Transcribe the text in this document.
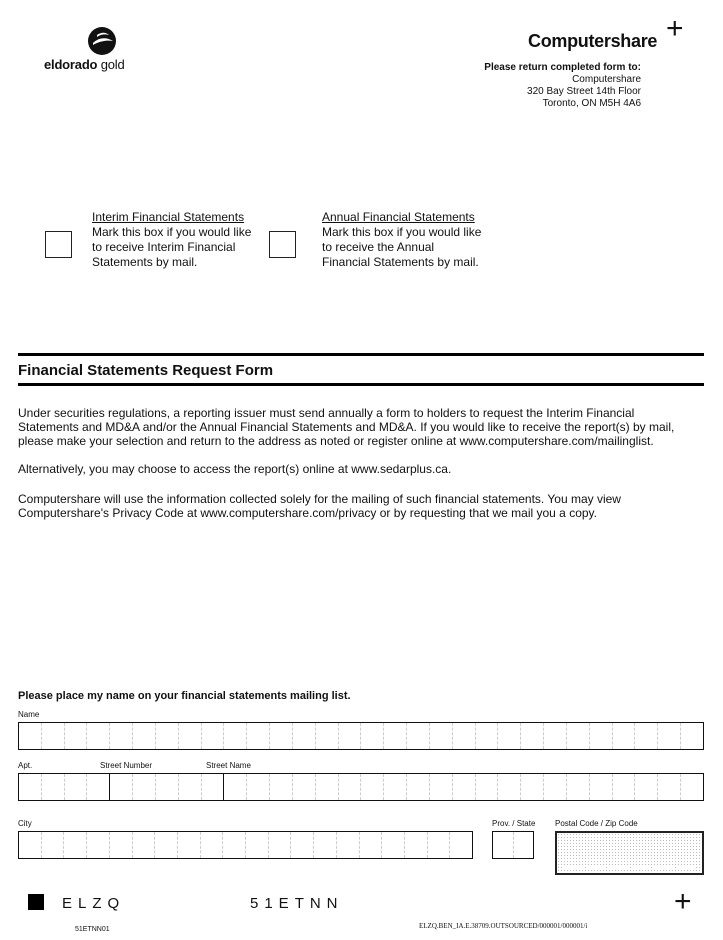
+
+
eldorado gold
Computershare
Please return completed form to:
Computershare
320 Bay Street 14th Floor
Toronto, ON M5H 4A6
Interim Financial Statements
Mark this box if you would like to receive Interim Financial Statements by mail.
Annual Financial Statements
Mark this box if you would like to receive the Annual Financial Statements by mail.
Financial Statements Request Form
Under securities regulations, a reporting issuer must send annually a form to holders to request the Interim Financial Statements and MD&A and/or the Annual Financial Statements and MD&A. If you would like to receive the report(s) by mail, please make your selection and return to the address as noted or register online at www.computershare.com/mailinglist.
Alternatively, you may choose to access the report(s) online at www.sedarplus.ca.
Computershare will use the information collected solely for the mailing of such financial statements. You may view Computershare's Privacy Code at www.computershare.com/privacy or by requesting that we mail you a copy.
Please place my name on your financial statements mailing list.
Name
Apt.	Street Number	Street Name
City	Prov. / State Postal Code / Zip Code
ELZQ	51ETNN
51ETNN01	ELZQ.BEN_IA.E.38709.OUTSOURCED/000001/000001/i
